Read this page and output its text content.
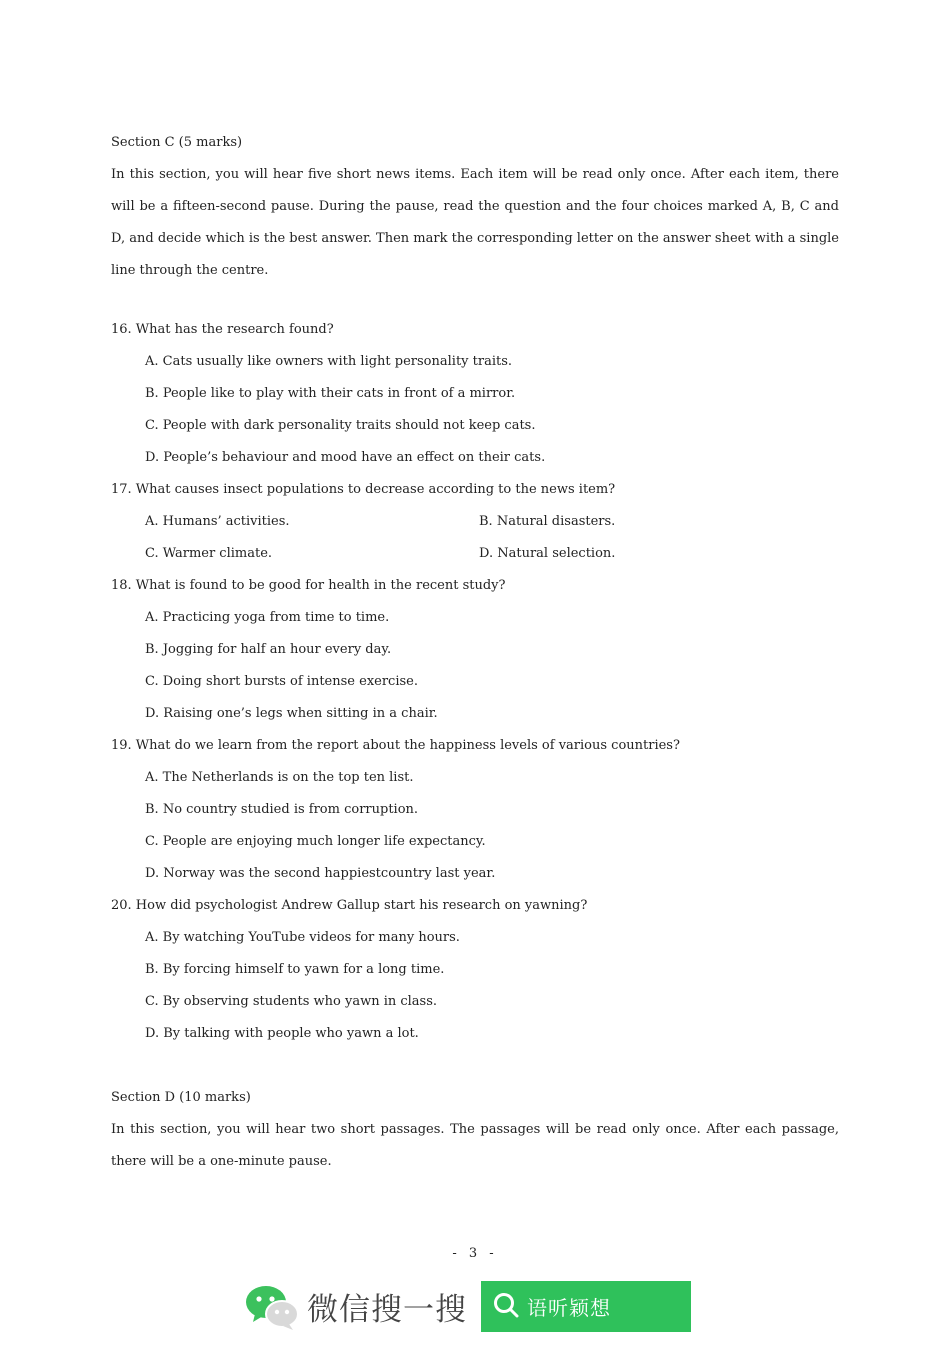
Section C (5 marks)

In this section, you will hear five short news items. Each item will be read only once. After each item, there will be a fifteen-second pause. During the pause, read the question and the four choices marked A, B, C and D, and decide which is the best answer. Then mark the corresponding letter on the answer sheet with a single line through the centre.

16. What has the research found?
A. Cats usually like owners with light personality traits.
B. People like to play with their cats in front of a mirror.
C. People with dark personality traits should not keep cats.
D. People’s behaviour and mood have an effect on their cats.
17. What causes insect populations to decrease according to the news item?
A. Humans’ activities.	B. Natural disasters.
C. Warmer climate.	D. Natural selection.
18. What is found to be good for health in the recent study?
A. Practicing yoga from time to time.
B. Jogging for half an hour every day.
C. Doing short bursts of intense exercise.
D. Raising one’s legs when sitting in a chair.
19. What do we learn from the report about the happiness levels of various countries?
A. The Netherlands is on the top ten list.
B. No country studied is from corruption.
C. People are enjoying much longer life expectancy.
D. Norway was the second happiestcountry last year.
20. How did psychologist Andrew Gallup start his research on yawning?
A. By watching YouTube videos for many hours.
B. By forcing himself to yawn for a long time.
C. By observing students who yawn in class.
D. By talking with people who yawn a lot.
Section D (10 marks)

In this section, you will hear two short passages. The passages will be read only once. After each passage, there will be a one-minute pause.

- 3 -
微信搜一搜	语听颖想
